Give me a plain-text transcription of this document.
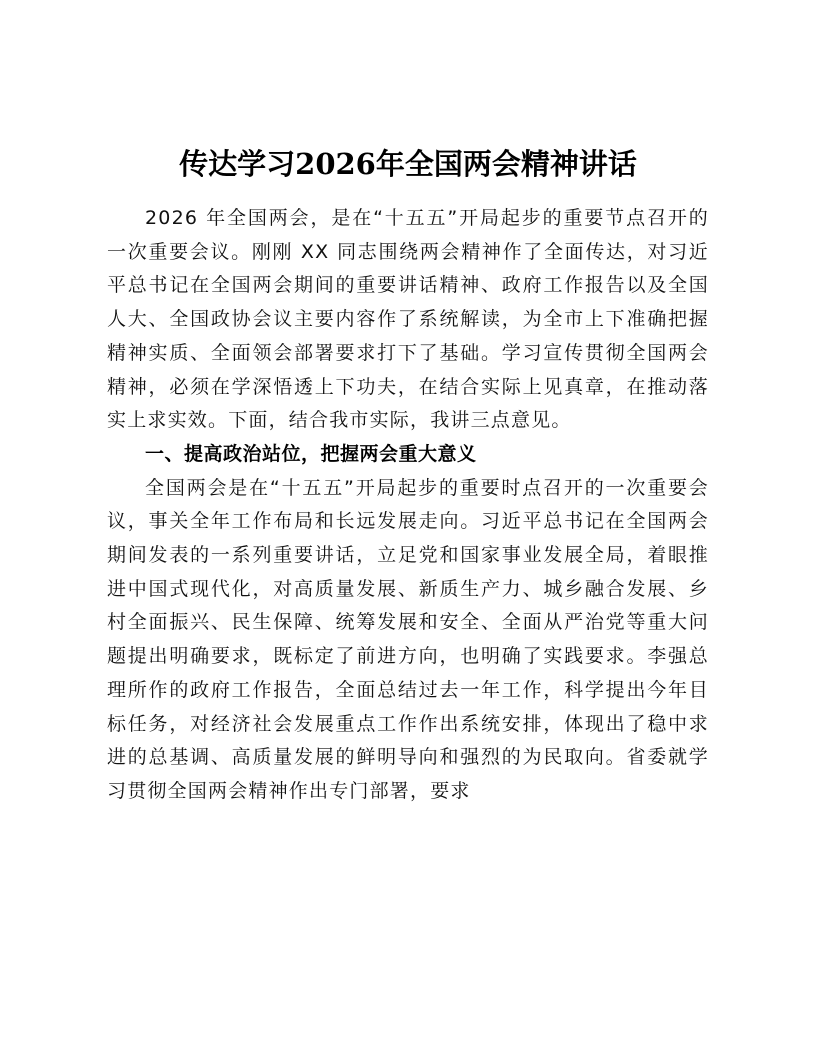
传达学习2026年全国两会精神讲话

2026 年全国两会，是在“十五五”开局起步的重要节点召开的一次重要会议。刚刚 XX 同志围绕两会精神作了全面传达，对习近平总书记在全国两会期间的重要讲话精神、政府工作报告以及全国人大、全国政协会议主要内容作了系统解读，为全市上下准确把握精神实质、全面领会部署要求打下了基础。学习宣传贯彻全国两会精神，必须在学深悟透上下功夫，在结合实际上见真章，在推动落实上求实效。下面，结合我市实际，我讲三点意见。

一、提高政治站位，把握两会重大意义

全国两会是在“十五五”开局起步的重要时点召开的一次重要会议，事关全年工作布局和长远发展走向。习近平总书记在全国两会期间发表的一系列重要讲话，立足党和国家事业发展全局，着眼推进中国式现代化，对高质量发展、新质生产力、城乡融合发展、乡村全面振兴、民生保障、统筹发展和安全、全面从严治党等重大问题提出明确要求，既标定了前进方向，也明确了实践要求。李强总理所作的政府工作报告，全面总结过去一年工作，科学提出今年目标任务，对经济社会发展重点工作作出系统安排，体现出了稳中求进的总基调、高质量发展的鲜明导向和强烈的为民取向。省委就学习贯彻全国两会精神作出专门部署，要求
